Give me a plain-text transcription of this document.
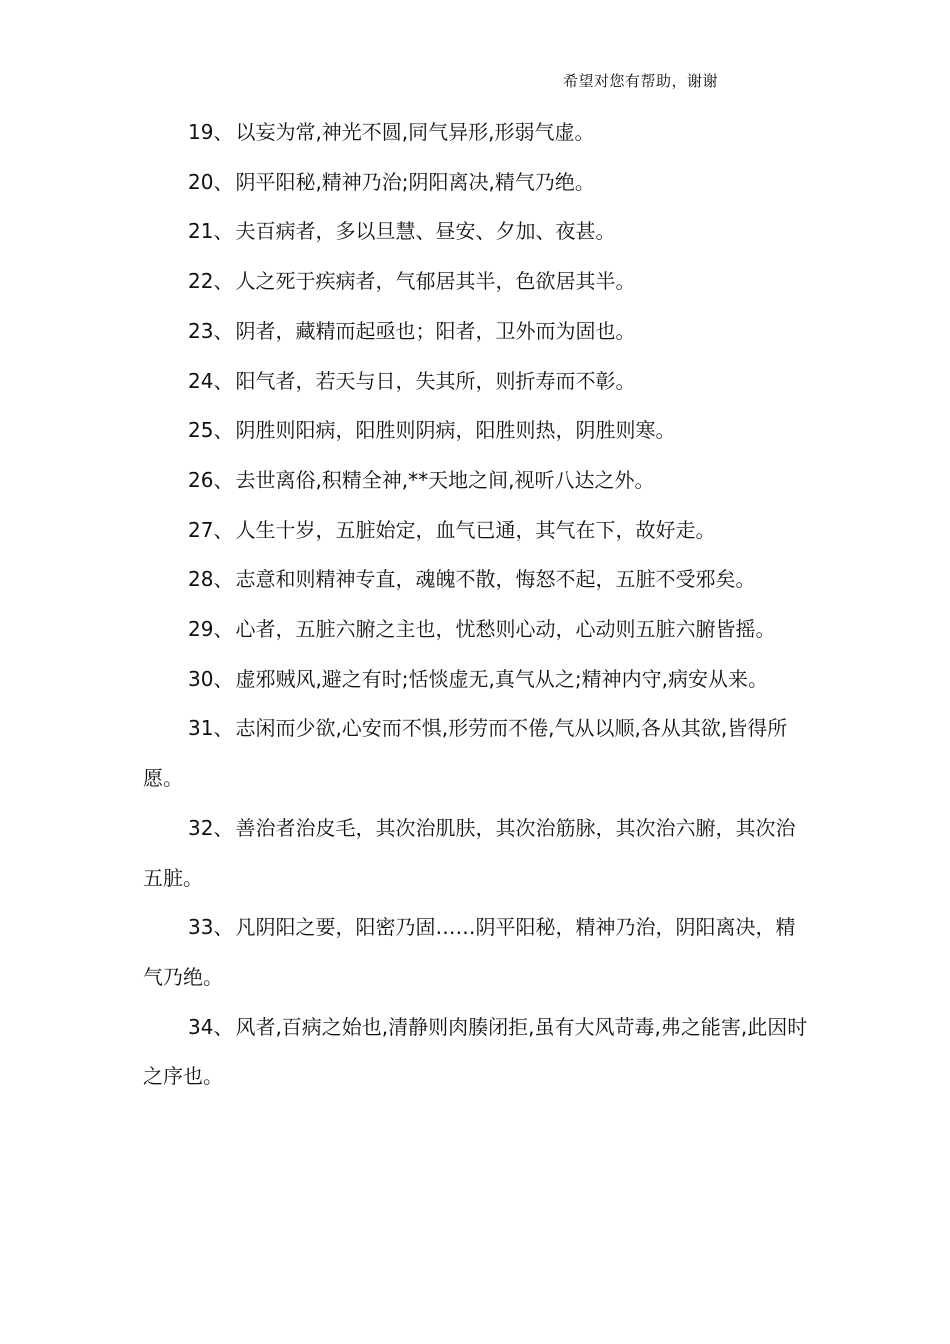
希望对您有帮助，谢谢

19、 以妄为常,神光不圆,同气异形,形弱气虚。

20、 阴平阳秘,精神乃治;阴阳离决,精气乃绝。

21、 夫百病者，多以旦慧、昼安、夕加、夜甚。

22、 人之死于疾病者，气郁居其半，色欲居其半。

23、 阴者，藏精而起亟也；阳者，卫外而为固也。

24、 阳气者，若天与日，失其所，则折寿而不彰。

25、 阴胜则阳病，阳胜则阴病，阳胜则热，阴胜则寒。

26、 去世离俗,积精全神,**天地之间,视听八达之外。

27、 人生十岁，五脏始定，血气已通，其气在下，故好走。

28、 志意和则精神专直，魂魄不散，悔怒不起，五脏不受邪矣。

29、 心者，五脏六腑之主也，忧愁则心动，心动则五脏六腑皆摇。

30、 虚邪贼风,避之有时;恬惔虚无,真气从之;精神内守,病安从来。

31、 志闲而少欲,心安而不惧,形劳而不倦,气从以顺,各从其欲,皆得所愿。

32、 善治者治皮毛，其次治肌肤，其次治筋脉，其次治六腑，其次治五脏。

33、 凡阴阳之要，阳密乃固……阴平阳秘，精神乃治，阴阳离决，精气乃绝。

34、 风者,百病之始也,清静则肉腠闭拒,虽有大风苛毒,弗之能害,此因时之序也。
